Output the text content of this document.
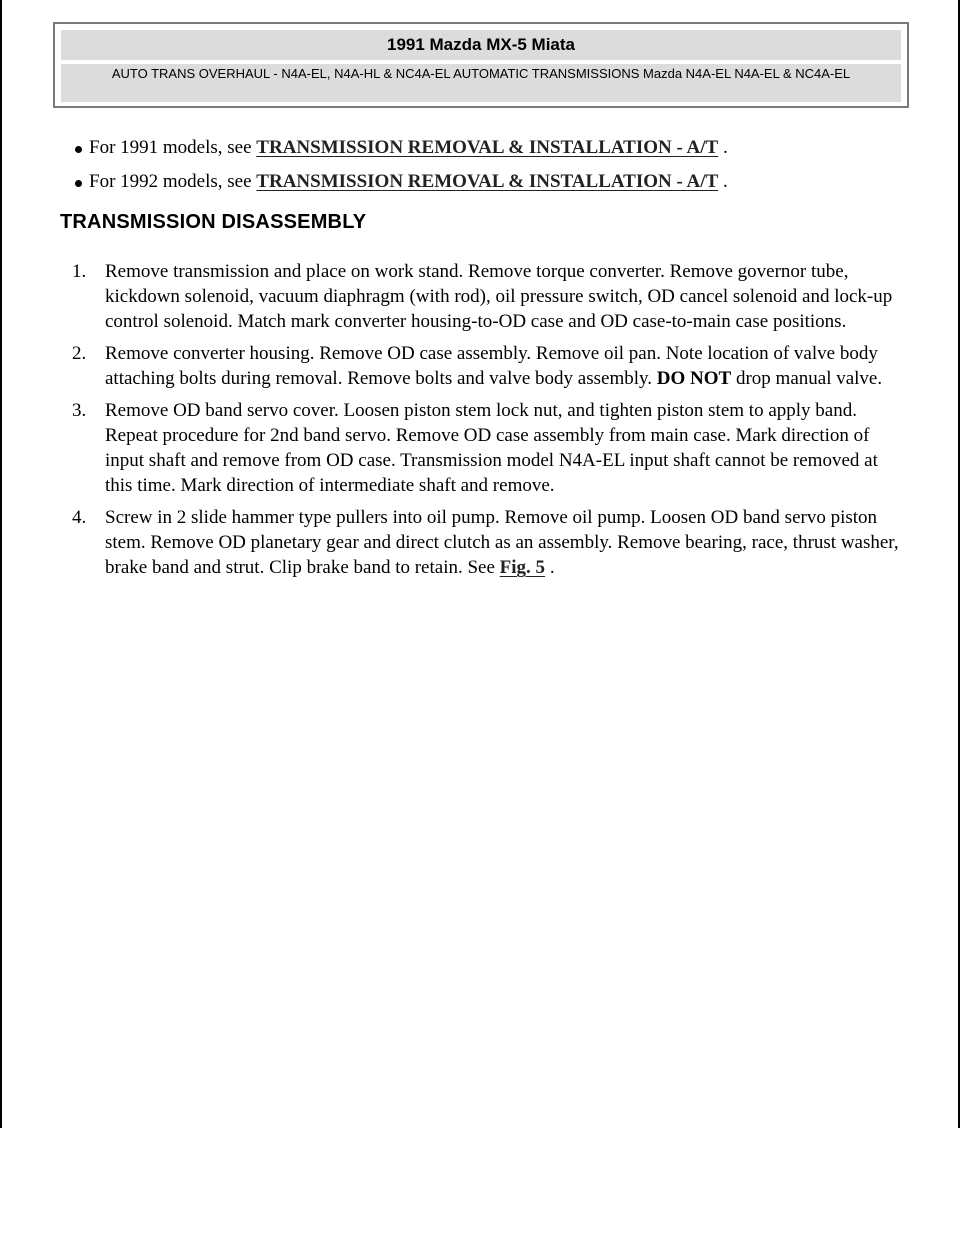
1991 Mazda MX-5 Miata
AUTO TRANS OVERHAUL - N4A-EL, N4A-HL & NC4A-EL AUTOMATIC TRANSMISSIONS Mazda N4A-EL N4A-EL & NC4A-EL
For 1991 models, see TRANSMISSION REMOVAL & INSTALLATION - A/T .
For 1992 models, see TRANSMISSION REMOVAL & INSTALLATION - A/T .
TRANSMISSION DISASSEMBLY
1. Remove transmission and place on work stand. Remove torque converter. Remove governor tube, kickdown solenoid, vacuum diaphragm (with rod), oil pressure switch, OD cancel solenoid and lock-up control solenoid. Match mark converter housing-to-OD case and OD case-to-main case positions.
2. Remove converter housing. Remove OD case assembly. Remove oil pan. Note location of valve body attaching bolts during removal. Remove bolts and valve body assembly. DO NOT drop manual valve.
3. Remove OD band servo cover. Loosen piston stem lock nut, and tighten piston stem to apply band. Repeat procedure for 2nd band servo. Remove OD case assembly from main case. Mark direction of input shaft and remove from OD case. Transmission model N4A-EL input shaft cannot be removed at this time. Mark direction of intermediate shaft and remove.
4. Screw in 2 slide hammer type pullers into oil pump. Remove oil pump. Loosen OD band servo piston stem. Remove OD planetary gear and direct clutch as an assembly. Remove bearing, race, thrust washer, brake band and strut. Clip brake band to retain. See Fig. 5 .
